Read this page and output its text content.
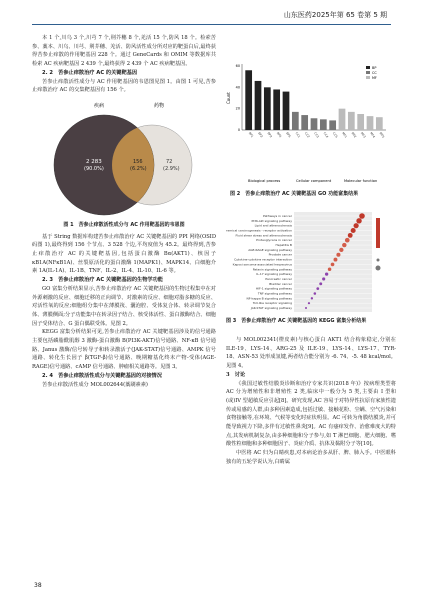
山东医药2025年第 65 卷第 5 期

本 1 个,川乌 3 个,川芎 7 个,荆芥穗 8 个,羌活 15 个,防风 18 个。检索苦参、藁本、川乌、川芎、荆芥穗、羌活、防风活性成分所对应的靶蛋白后,最终获得苦参止痒散的作用靶基因 228 个。通过 GeneCards 和 OMIM 等数据库共检索 AC 疾病靶基因 2 439 个,最终获得 2 439 个 AC 疾病靶基因。

2. 2　苦参止痒散治疗 AC 的关键靶基因

苦参止痒散活性成分与 AC 作用靶基因的韦恩图见图 1。由图 1 可见,苦参止痒散治疗 AC 的交集靶基因有 156 个。

疾病	药物
2 283
(90.0%)
156
(6.2%)
72
(2.9%)

图 1　苦参止痒散活性成分与 AC 作用靶基因的韦恩图

基于 String 数据库构建苦参止痒散治疗 AC 关键靶基因的 PPI 网络(OSID 码图 1),最终得到 156 个节点、3 528 个边,平均度值为 45.2。最终得到,苦参止痒散治疗 AC 的关键靶基因,包括蛋白激酶 Bα(AKT1)、核因子 κB1A(NFκB1A)、丝裂原活化的蛋白激酶 1(MAPK1)、MAPK14、白细胞介素 1A(IL-1A)、IL-1B、TNF、IL-2、IL-4、IL-10、IL-6 等。

2. 3　苦参止痒散治疗 AC 关键靶基因的生物学功能

GO 富集分析结果显示,苦参止痒散治疗 AC 关键靶基因的生物过程集中在对外源刺激的反应、细胞迁移的正向调节、对激素的反应、细胞对脂多糖的反应、对活性氧的反应;细胞组分集中在薄膜筏、囊泡腔、受体复合体、转录调节复合体、薄膜侧面;分子功能集中在转录因子结合、核受体活性、蛋白激酶结合、细胞因子受体结合、G 蛋白偶联受体。见图 2。

KEGG 富集分析结果可见,苦参止痒散治疗 AC 关键靶基因涉及的信号通路主要包括磷脂酰肌醇 3 激酶-蛋白激酶 B(PI3K-AKT)信号通路、NF-κB 信号通路、Janus 激酶/信号转导子和转录激活子(JAK-STAT)信号通路、AMPK 信号通路、转化生长因子 β(TGF-β)信号通路、晚期糖基化终末产物-受体(AGE-RAGE)信号通路、cAMP 信号通路、肿瘤相关通路等。见图 3。

2. 4　苦参止痒散活性成分与关键靶基因的对接情况

苦参止痒散活性成分 MOL002644(藁刷素素)

Count
0
20
40
60
BP1 BP2 BP3 BP4 BP5 CC1 CC2 CC3 CC4 CC5 MF1 MF2 MF3 MF4 MF5
Biological process	Cellular component	Molecular function
BP
CC
MF
图 2　苦参止痒散治疗 AC 关键靶基因 GO 功能富集结果
Pathways in cancer
PI3K-Akt signaling pathway
Lipid and atherosclerosis
Chemical carcinogenesis - receptor activation
Fluid shear stress and atherosclerosis
Proteoglycans in cancer
Hepatitis B
AGE-RAGE signaling pathway
Prostate cancer
Cytokine-cytokine receptor interaction
Kaposi sarcoma-associated herpesvirus
Relaxin signaling pathway
IL-17 signaling pathway
Pancreatic cancer
Bladder cancer
HIF-1 signaling pathway
TNF signaling pathway
NF-kappa B signaling pathway
Toll-like receptor signaling
JAK-STAT signaling pathway
图 3　苦参止痒散治疗 AC 关键靶基因的 KEGG 富集分析结果

与 MOL002341(橙皮素)与核心蛋白 AKT1 结合构象稳定,分别在 ILE-19、LYS-14、ARG-25 及 ILE-19、LYS-14、LYS-17、TYR-18、ASN-53 处形成氢键,两者结合能分别为 -6. 74、-5. 48 kcal/mol。见图 4。

3　讨论

《我国过敏性结膜炎诊断和治疗专家共识(2018 年)》按病理类型将 AC 分为增殖性和非增殖性 2 类,临床中一般分为 5 类,主要由 I 型和(或)IV 型超敏反应引起[8]。研究发现,AC 容易于对特异性抗原有家族性遗传或易感的人群,由多种因素造成,包括过敏、接触花粉、尘螨、空气污染和食物接触等,在环境、气候等变化时症状明显。AC 可转为角膜结膜炎,并可能导致视力下降,多伴有过敏性鼻炎[9]。AC 有瘙痒发作、治愈难度大的特点,其发病机制复杂,由多种细胞和分子参与,如 T 淋巴细胞、肥大细胞、嗜酸性粒细胞和多种细胞因子、炎症介质、抗体及黏附分子等[10]。

中医将 AC 归为白睛疾患,对本病论治多从肝、脾、肺入手。中医眼科独有的五轮学说认为,白睛属

38
